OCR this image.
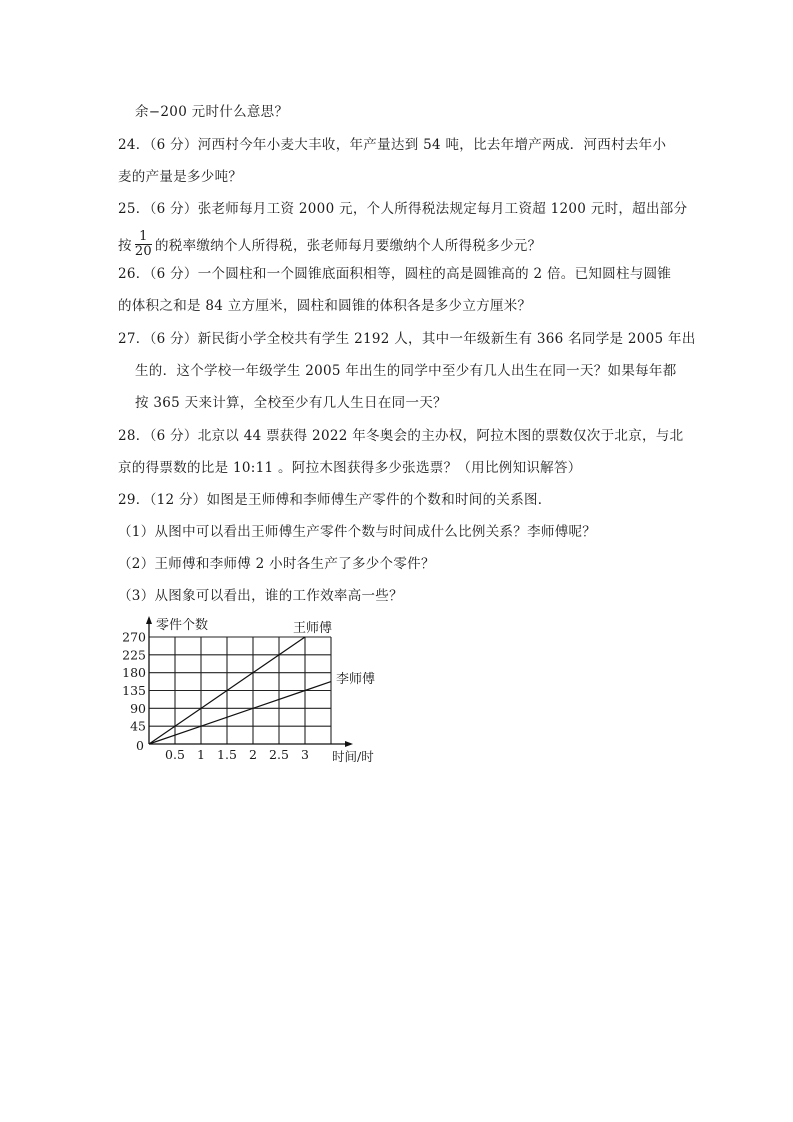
余−200 元时什么意思？
24．（6 分）河西村今年小麦大丰收，年产量达到 54 吨，比去年增产两成．河西村去年小
麦的产量是多少吨？
25．（6 分）张老师每月工资 2000 元，个人所得税法规定每月工资超 1200 元时，超出部分
26．（6 分）一个圆柱和一个圆锥底面积相等，圆柱的高是圆锥高的 2 倍。已知圆柱与圆锥
的体积之和是 84 立方厘米，圆柱和圆锥的体积各是多少立方厘米？
27．（6 分）新民街小学全校共有学生 2192 人，其中一年级新生有 366 名同学是 2005 年出
生的．这个学校一年级学生 2005 年出生的同学中至少有几人出生在同一天？如果每年都
按 365 天来计算，全校至少有几人生日在同一天？
28．（6 分）北京以 44 票获得 2022 年冬奥会的主办权，阿拉木图的票数仅次于北京，与北
京的得票数的比是 10:11 。阿拉木图获得多少张选票？（用比例知识解答）
29．（12 分）如图是王师傅和李师傅生产零件的个数和时间的关系图．
（1）从图中可以看出王师傅生产零件个数与时间成什么比例关系？李师傅呢？
（2）王师傅和李师傅 2 小时各生产了多少个零件？
（3）从图象可以看出，谁的工作效率高一些？
按 $\frac{1}{20}$ 的税率缴纳个人所得税，张老师每月要缴纳个人所得税多少元？
0.5 1 1.5 2 2.5 3
45
90
135
180
225
270
王师傅
李师傅
零件个数
时间/时
0
